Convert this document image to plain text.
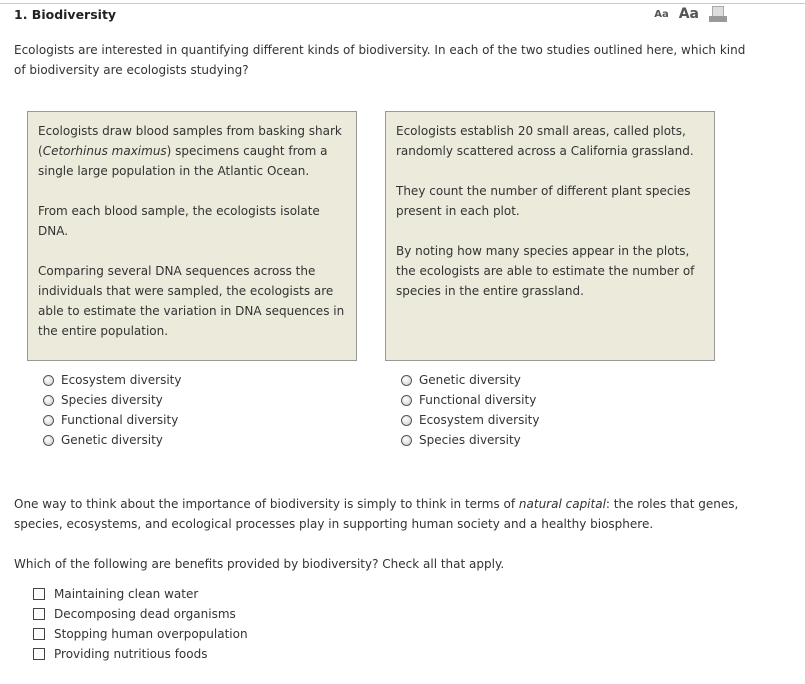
1. Biodiversity	Aa Aa
Ecologists are interested in quantifying different kinds of biodiversity. In each of the two studies outlined here, which kind of biodiversity are ecologists studying?

Ecologists draw blood samples from basking shark (Cetorhinus maximus) specimens caught from a single large population in the Atlantic Ocean.

From each blood sample, the ecologists isolate DNA.

Comparing several DNA sequences across the individuals that were sampled, the ecologists are able to estimate the variation in DNA sequences in the entire population.

Ecologists establish 20 small areas, called plots, randomly scattered across a California grassland.

They count the number of different plant species present in each plot.

By noting how many species appear in the plots, the ecologists are able to estimate the number of species in the entire grassland.

Ecosystem diversity
Species diversity
Functional diversity
Genetic diversity
Genetic diversity
Functional diversity
Ecosystem diversity
Species diversity
One way to think about the importance of biodiversity is simply to think in terms of natural capital: the roles that genes, species, ecosystems, and ecological processes play in supporting human society and a healthy biosphere.
Which of the following are benefits provided by biodiversity? Check all that apply.
Maintaining clean water
Decomposing dead organisms
Stopping human overpopulation
Providing nutritious foods
